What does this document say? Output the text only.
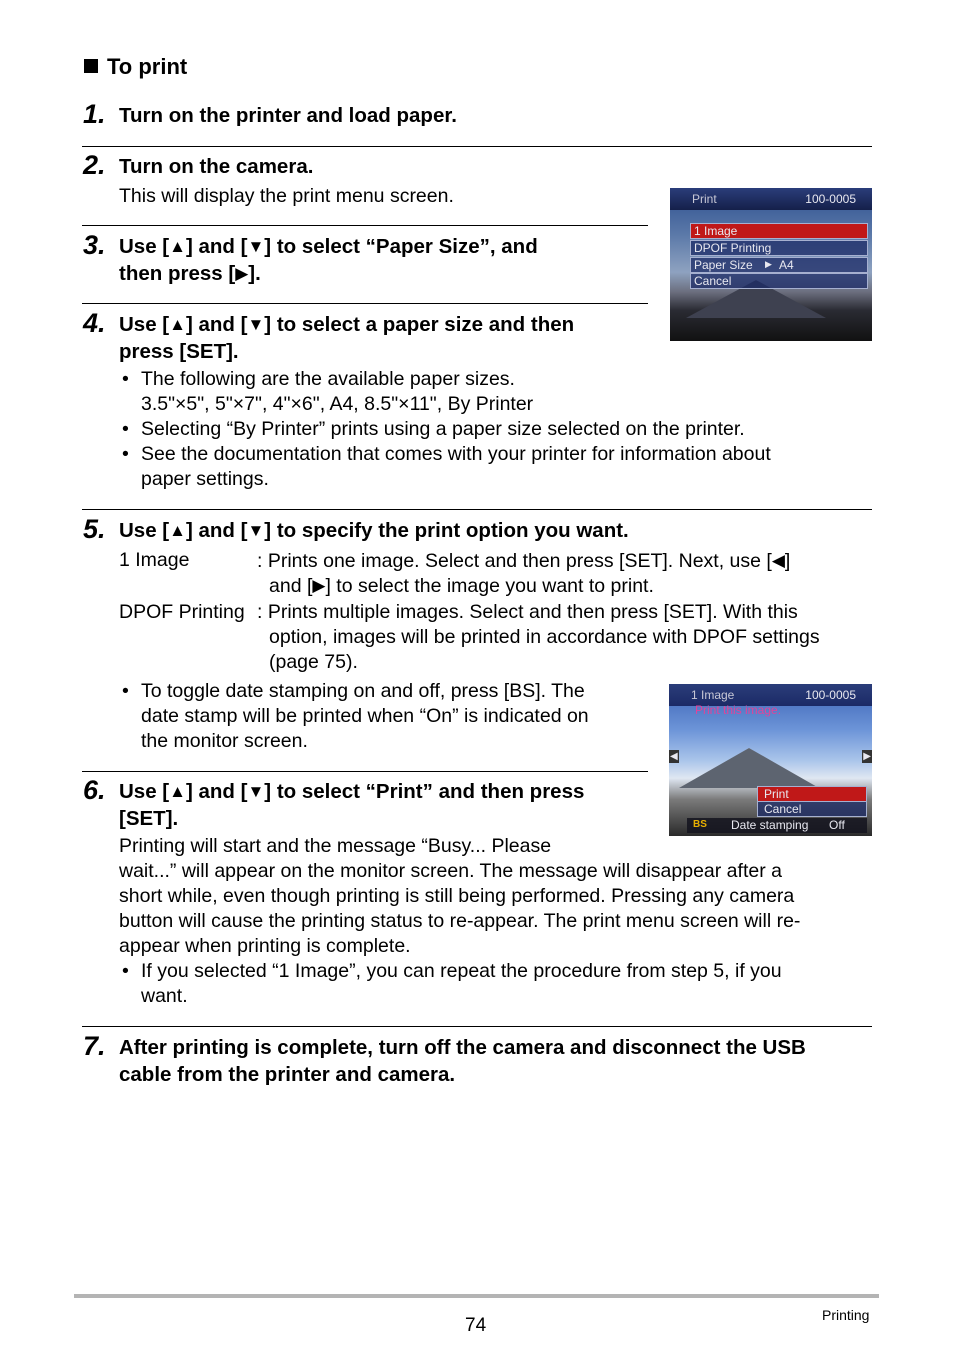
To print
1. Turn on the printer and load paper.
2. Turn on the camera.
This will display the print menu screen.
3. Use [▲] and [▼] to select “Paper Size”, and
then press [▶].
Print	100-0005
1 Image
DPOF Printing
Paper Size ▶ A4
Cancel
4. Use [▲] and [▼] to select a paper size and then
press [SET].
• The following are the available paper sizes.
3.5"×5", 5"×7", 4"×6", A4, 8.5"×11", By Printer
• Selecting “By Printer” prints using a paper size selected on the printer.
• See the documentation that comes with your printer for information about
paper settings.
5. Use [▲] and [▼] to specify the print option you want.
1 Image	: Prints one image. Select and then press [SET]. Next, use [◀]
and [▶] to select the image you want to print.
DPOF Printing : Prints multiple images. Select and then press [SET]. With this
option, images will be printed in accordance with DPOF settings
(page 75).
• To toggle date stamping on and off, press [BS]. The
date stamp will be printed when “On” is indicated on
the monitor screen.
1 Image	100-0005
Print this image.
◀	▶
Print
Cancel
BS Date stamping Off
6. Use [▲] and [▼] to select “Print” and then press
[SET].
Printing will start and the message “Busy... Please
wait...” will appear on the monitor screen. The message will disappear after a
short while, even though printing is still being performed. Pressing any camera
button will cause the printing status to re-appear. The print menu screen will re-
appear when printing is complete.
• If you selected “1 Image”, you can repeat the procedure from step 5, if you
want.
7. After printing is complete, turn off the camera and disconnect the USB
cable from the printer and camera.
74	Printing
